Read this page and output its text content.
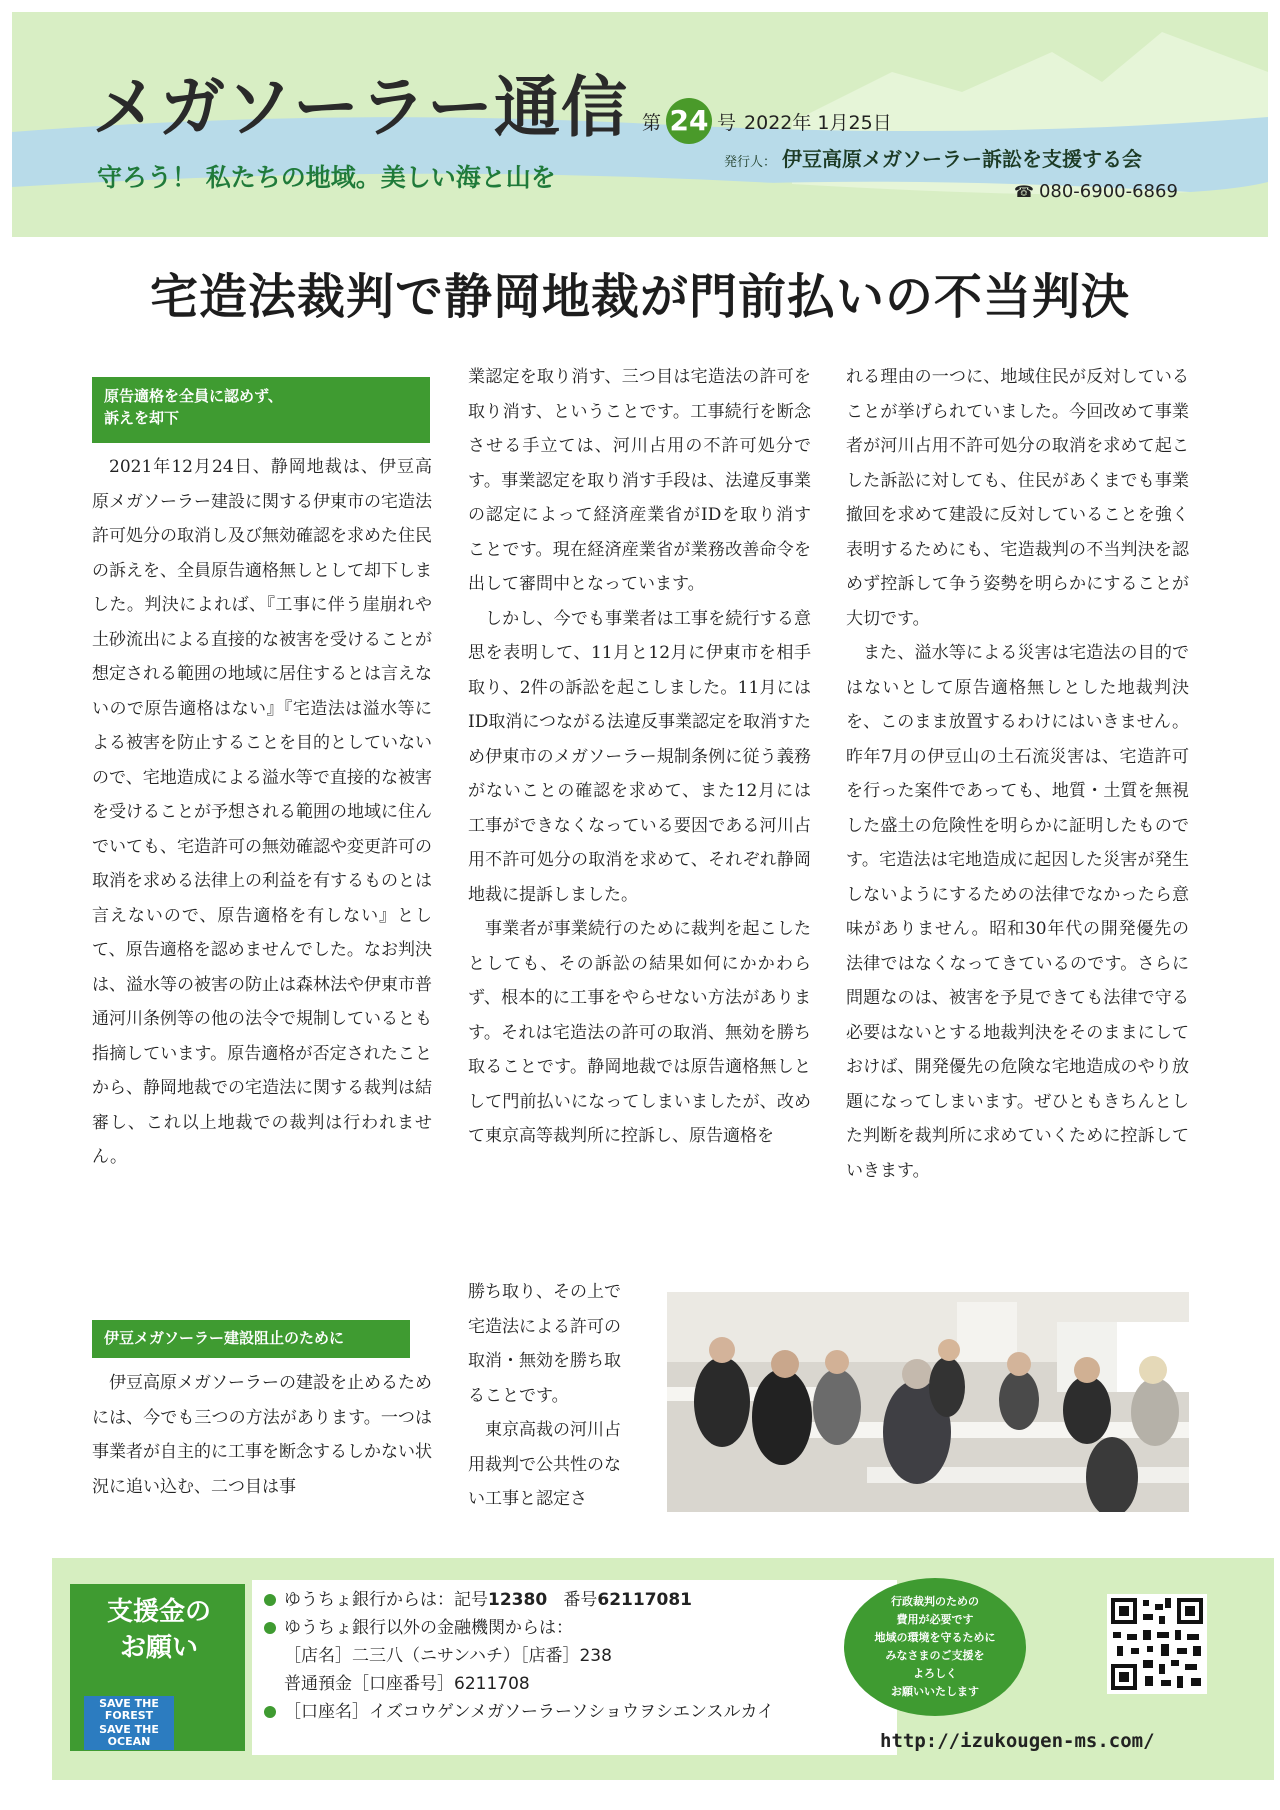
メガソーラー通信
守ろう！ 私たちの地域。美しい海と山を
第 24 号 2022年 1月25日
発行人： 伊豆高原メガソーラー訴訟を支援する会
☎ 080-6900-6869
宅造法裁判で静岡地裁が門前払いの不当判決
原告適格を全員に認めず、
訴えを却下

2021年12月24日、静岡地裁は、伊豆高原メガソーラー建設に関する伊東市の宅造法許可処分の取消し及び無効確認を求めた住民の訴えを、全員原告適格無しとして却下しました。判決によれば、『工事に伴う崖崩れや土砂流出による直接的な被害を受けることが想定される範囲の地域に居住するとは言えないので原告適格はない』『宅造法は溢水等による被害を防止することを目的としていないので、宅地造成による溢水等で直接的な被害を受けることが予想される範囲の地域に住んでいても、宅造許可の無効確認や変更許可の取消を求める法律上の利益を有するものとは言えないので、原告適格を有しない』として、原告適格を認めませんでした。なお判決は、溢水等の被害の防止は森林法や伊東市普通河川条例等の他の法令で規制しているとも指摘しています。原告適格が否定されたことから、静岡地裁での宅造法に関する裁判は結審し、これ以上地裁での裁判は行われません。

伊豆メガソーラー建設阻止のために

伊豆高原メガソーラーの建設を止めるためには、今でも三つの方法があります。一つは事業者が自主的に工事を断念するしかない状況に追い込む、二つ目は事

業認定を取り消す、三つ目は宅造法の許可を取り消す、ということです。工事続行を断念させる手立ては、河川占用の不許可処分です。事業認定を取り消す手段は、法違反事業の認定によって経済産業省がIDを取り消すことです。現在経済産業省が業務改善命令を出して審問中となっています。

しかし、今でも事業者は工事を続行する意思を表明して、11月と12月に伊東市を相手取り、2件の訴訟を起こしました。11月にはID取消につながる法違反事業認定を取消すため伊東市のメガソーラー規制条例に従う義務がないことの確認を求めて、また12月には工事ができなくなっている要因である河川占用不許可処分の取消を求めて、それぞれ静岡地裁に提訴しました。

事業者が事業続行のために裁判を起こしたとしても、その訴訟の結果如何にかかわらず、根本的に工事をやらせない方法があります。それは宅造法の許可の取消、無効を勝ち取ることです。静岡地裁では原告適格無しとして門前払いになってしまいましたが、改めて東京高等裁判所に控訴し、原告適格を

勝ち取り、その上で宅造法による許可の取消・無効を勝ち取ることです。

東京高裁の河川占用裁判で公共性のない工事と認定さ

れる理由の一つに、地域住民が反対していることが挙げられていました。今回改めて事業者が河川占用不許可処分の取消を求めて起こした訴訟に対しても、住民があくまでも事業撤回を求めて建設に反対していることを強く表明するためにも、宅造裁判の不当判決を認めず控訴して争う姿勢を明らかにすることが大切です。

また、溢水等による災害は宅造法の目的ではないとして原告適格無しとした地裁判決を、このまま放置するわけにはいきません。昨年7月の伊豆山の土石流災害は、宅造許可を行った案件であっても、地質・土質を無視した盛土の危険性を明らかに証明したものです。宅造法は宅地造成に起因した災害が発生しないようにするための法律でなかったら意味がありません。昭和30年代の開発優先の法律ではなくなってきているのです。さらに問題なのは、被害を予見できても法律で守る必要はないとする地裁判決をそのままにしておけば、開発優先の危険な宅地造成のやり放題になってしまいます。ぜひともきちんとした判断を裁判所に求めていくために控訴していきます。

支援金の
お願い
SAVE THE FOREST
SAVE THE OCEAN
ゆうちょ銀行からは：記号12380 番号62117081
ゆうちょ銀行以外の金融機関からは：
［店名］二三八（ニサンハチ）［店番］238
普通預金［口座番号］6211708
［口座名］イズコウゲンメガソーラーソショウヲシエンスルカイ
行政裁判のための
費用が必要です
地域の環境を守るために
みなさまのご支援を
よろしく
お願いいたします
http://izukougen-ms.com/
